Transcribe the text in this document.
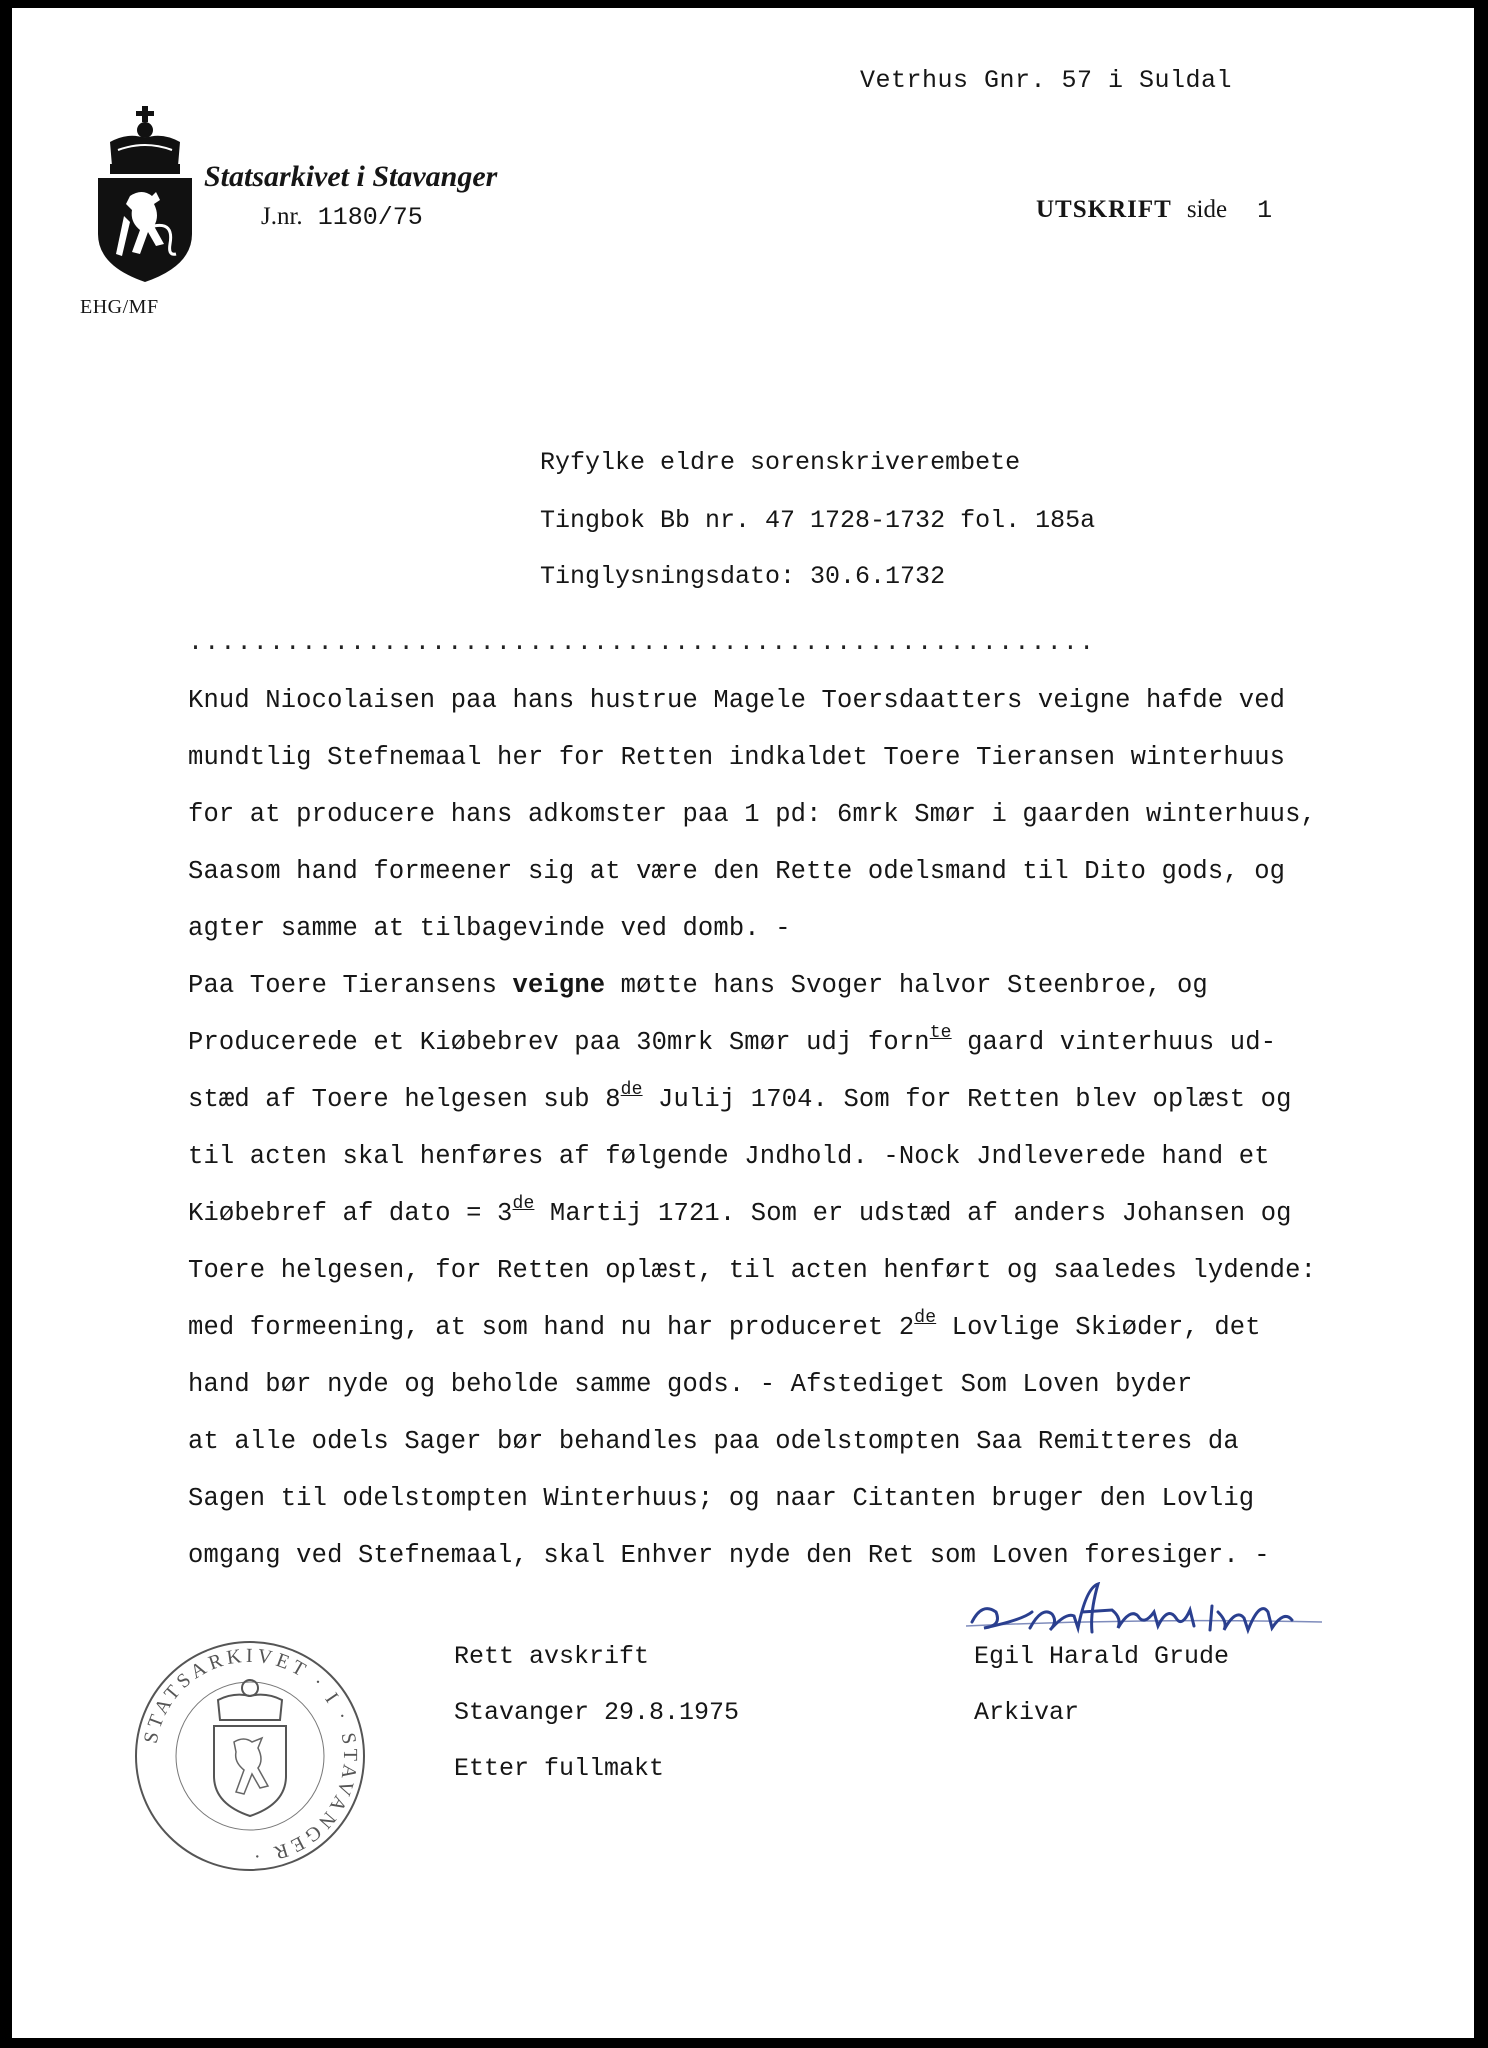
Vetrhus Gnr. 57 i Suldal
Statsarkivet i Stavanger
J.nr. 1180/75	UTSKRIFT side 1
EHG/MF
Ryfylke eldre sorenskriverembete
Tingbok Bb nr. 47 1728-1732 fol. 185a
Tinglysningsdato: 30.6.1732
........................................................
Knud Niocolaisen paa hans hustrue Magele Toersdaatters veigne hafde ved
mundtlig Stefnemaal her for Retten indkaldet Toere Tieransen winterhuus
for at producere hans adkomster paa 1 pd: 6mrk Smør i gaarden winterhuus,
Saasom hand formeener sig at være den Rette odelsmand til Dito gods, og
agter samme at tilbagevinde ved domb. -
Paa Toere Tieransens veigne møtte hans Svoger halvor Steenbroe, og
Producerede et Kiøbebrev paa 30mrk Smør udj forn$^{te}$ gaard vinterhuus ud-
stæd af Toere helgesen sub 8de Julij 1704. Som for Retten blev oplæst og
til acten skal henføres af følgende Jndhold. -Nock Jndleverede hand et
Kiøbebref af dato = 3de Martij 1721. Som er udstæd af anders Johansen og
Toere helgesen, for Retten oplæst, til acten henført og saaledes lydende:
med formeening, at som hand nu har produceret 2de Lovlige Skiøder, det
hand bør nyde og beholde samme gods. - Afstediget Som Loven byder
at alle odels Sager bør behandles paa odelstompten Saa Remitteres da
Sagen til odelstompten Winterhuus; og naar Citanten bruger den Lovlig
omgang ved Stefnemaal, skal Enhver nyde den Ret som Loven foresiger. -
Rett avskrift
Stavanger 29.8.1975
Etter fullmakt
Egil Harald Grude
Arkivar
STATSARKIVET · I · STAVANGER ·
